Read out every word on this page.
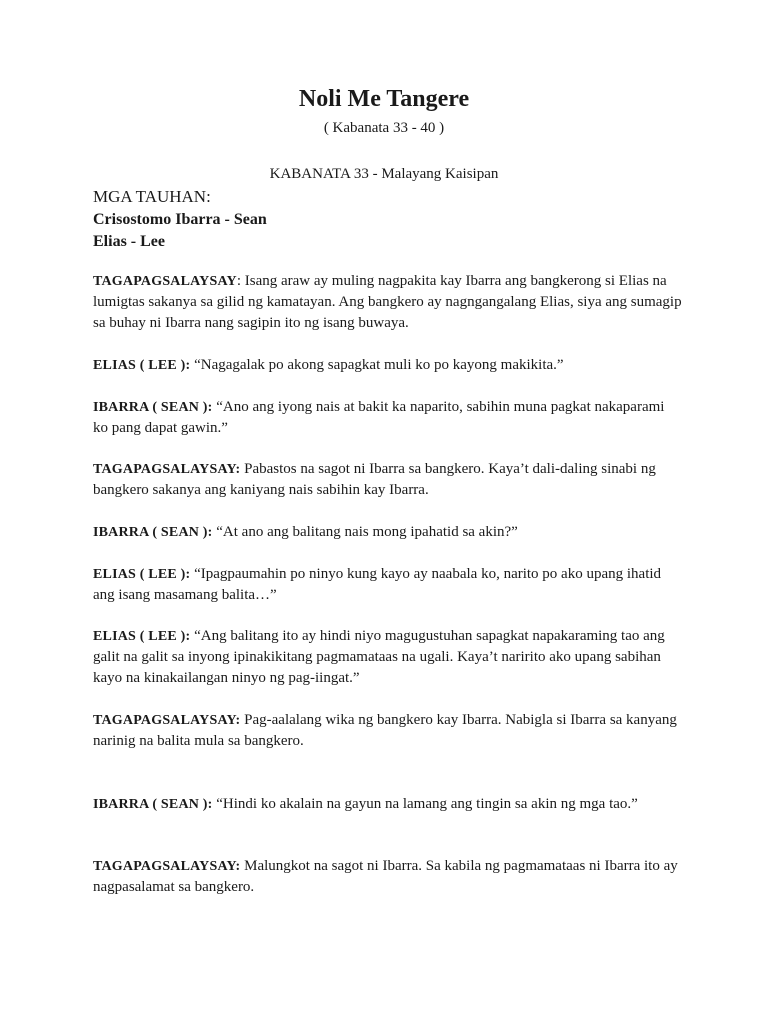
Noli Me Tangere

( Kabanata 33 - 40 )

KABANATA 33 - Malayang Kaisipan

MGA TAUHAN:

Crisostomo Ibarra - Sean
Elias - Lee

TAGAPAGSALAYSAY: Isang araw ay muling nagpakita kay Ibarra ang bangkerong si Elias na lumigtas sakanya sa gilid ng kamatayan. Ang bangkero ay nagngangalang Elias, siya ang sumagip sa buhay ni Ibarra nang sagipin ito ng isang buwaya.

ELIAS ( LEE ): “Nagagalak po akong sapagkat muli ko po kayong makikita.”

IBARRA ( SEAN ): “Ano ang iyong nais at bakit ka naparito, sabihin muna pagkat nakaparami ko pang dapat gawin.”

TAGAPAGSALAYSAY: Pabastos na sagot ni Ibarra sa bangkero. Kaya’t dali-daling sinabi ng bangkero sakanya ang kaniyang nais sabihin kay Ibarra.

IBARRA ( SEAN ): “At ano ang balitang nais mong ipahatid sa akin?”

ELIAS ( LEE ): “Ipagpaumahin po ninyo kung kayo ay naabala ko, narito po ako upang ihatid ang isang masamang balita…”

ELIAS ( LEE ): “Ang balitang ito ay hindi niyo magugustuhan sapagkat napakaraming tao ang galit na galit sa inyong ipinakikitang pagmamataas na ugali. Kaya’t naririto ako upang sabihan kayo na kinakailangan ninyo ng pag-iingat.”

TAGAPAGSALAYSAY: Pag-aalalang wika ng bangkero kay Ibarra. Nabigla si Ibarra sa kanyang narinig na balita mula sa bangkero.

IBARRA ( SEAN ): “Hindi ko akalain na gayun na lamang ang tingin sa akin ng mga tao.”

TAGAPAGSALAYSAY: Malungkot na sagot ni Ibarra. Sa kabila ng pagmamataas ni Ibarra ito ay nagpasalamat sa bangkero.
